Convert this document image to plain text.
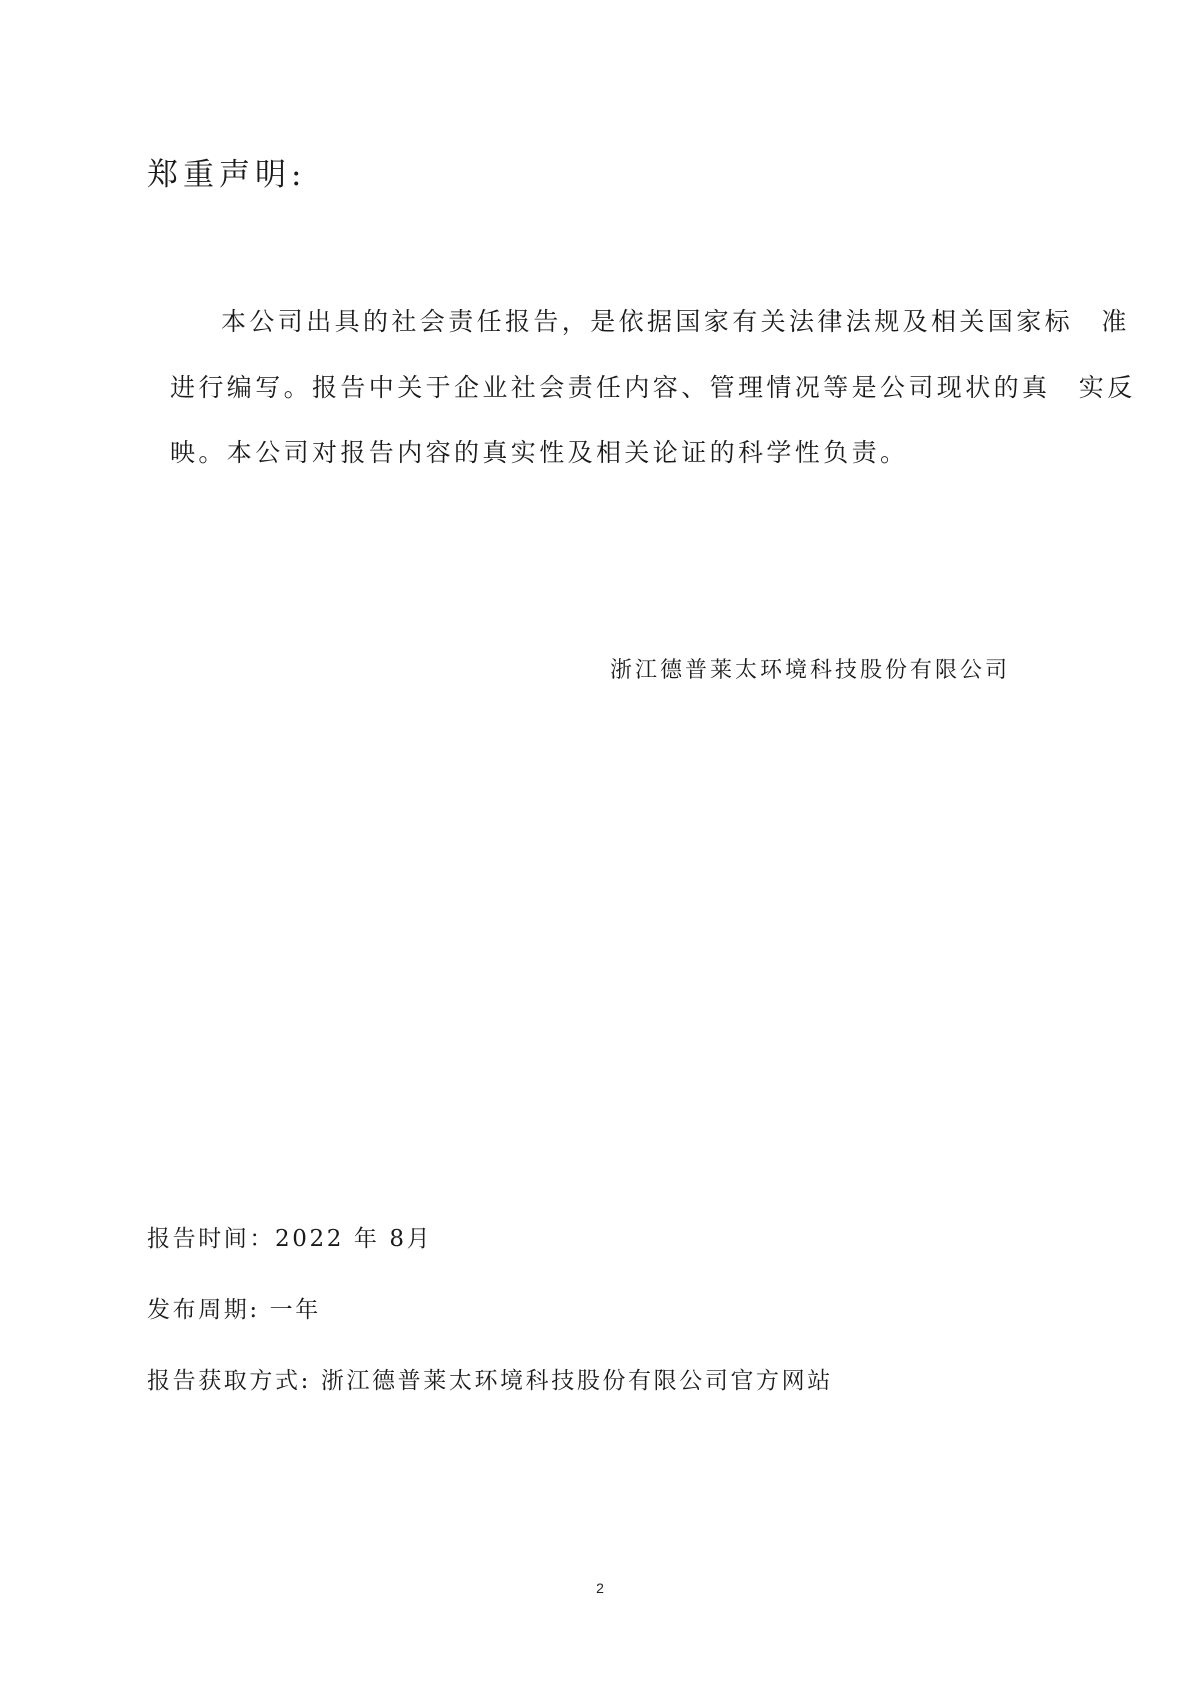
郑重声明:
本公司出具的社会责任报告，是依据国家有关法律法规及相关国家标　准
进行编写。报告中关于企业社会责任内容、管理情况等是公司现状的真　实反
映。本公司对报告内容的真实性及相关论证的科学性负责。
浙江德普莱太环境科技股份有限公司
报告时间：2022 年 8月
发布周期: 一年
报告获取方式: 浙江德普莱太环境科技股份有限公司官方网站
2
